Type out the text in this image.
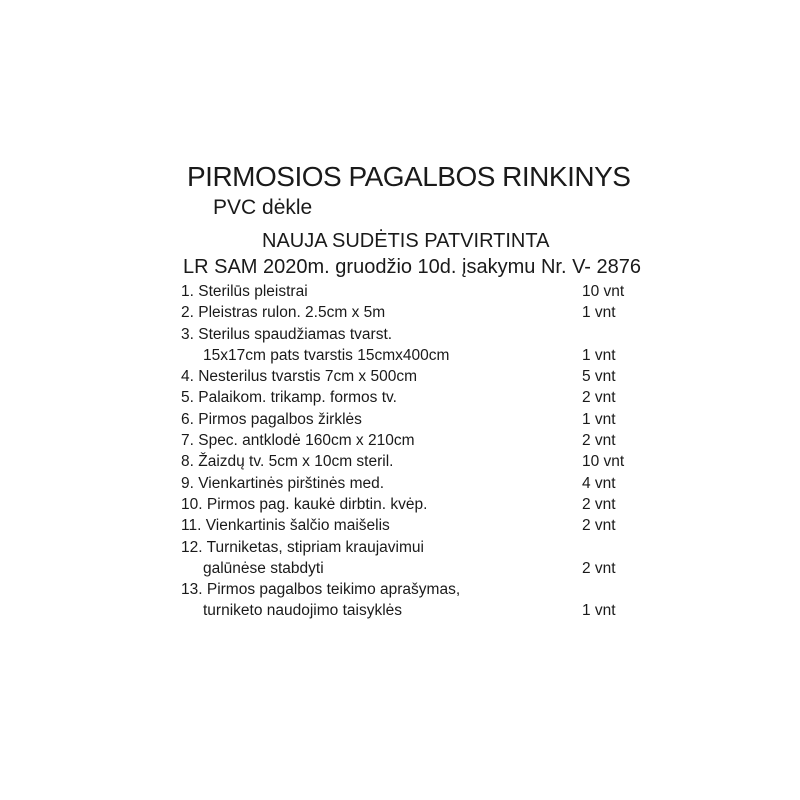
PIRMOSIOS PAGALBOS RINKINYS
PVC dėkle
NAUJA SUDĖTIS PATVIRTINTA
LR SAM 2020m. gruodžio 10d. įsakymu Nr. V- 2876
1. Sterilūs pleistrai	10 vnt
2. Pleistras rulon. 2.5cm x 5m	1 vnt
3. Sterilus spaudžiamas tvarst.
15x17cm pats tvarstis 15cmx400cm	1 vnt
4. Nesterilus tvarstis 7cm x 500cm	5 vnt
5. Palaikom. trikamp. formos tv.	2 vnt
6. Pirmos pagalbos žirklės	1 vnt
7. Spec. antklodė 160cm x 210cm	2 vnt
8. Žaizdų tv. 5cm x 10cm steril.	10 vnt
9. Vienkartinės pirštinės med.	4 vnt
10. Pirmos pag. kaukė dirbtin. kvėp.	2 vnt
11. Vienkartinis šalčio maišelis	2 vnt
12. Turniketas, stipriam kraujavimui
galūnėse stabdyti	2 vnt
13. Pirmos pagalbos teikimo aprašymas,
turniketo naudojimo taisyklės	1 vnt
